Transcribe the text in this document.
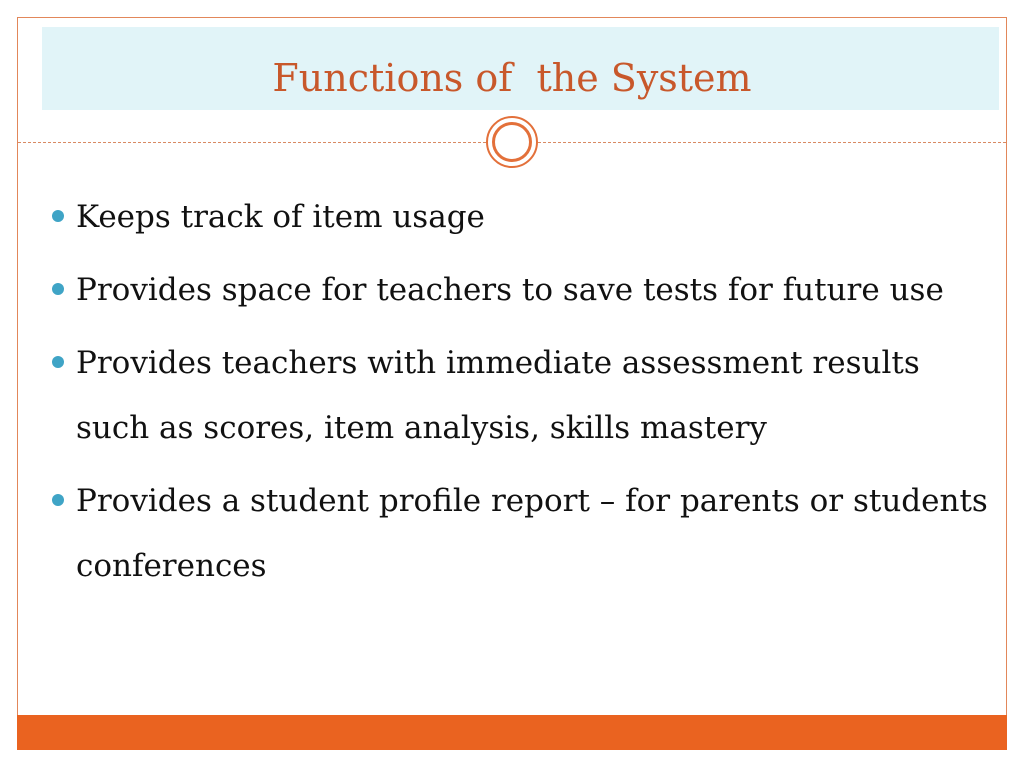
Functions of  the System
Keeps track of item usage
Provides space for teachers to save tests for future use
Provides teachers with immediate assessment results such as scores, item analysis, skills mastery
Provides a student profile report – for parents or students conferences
